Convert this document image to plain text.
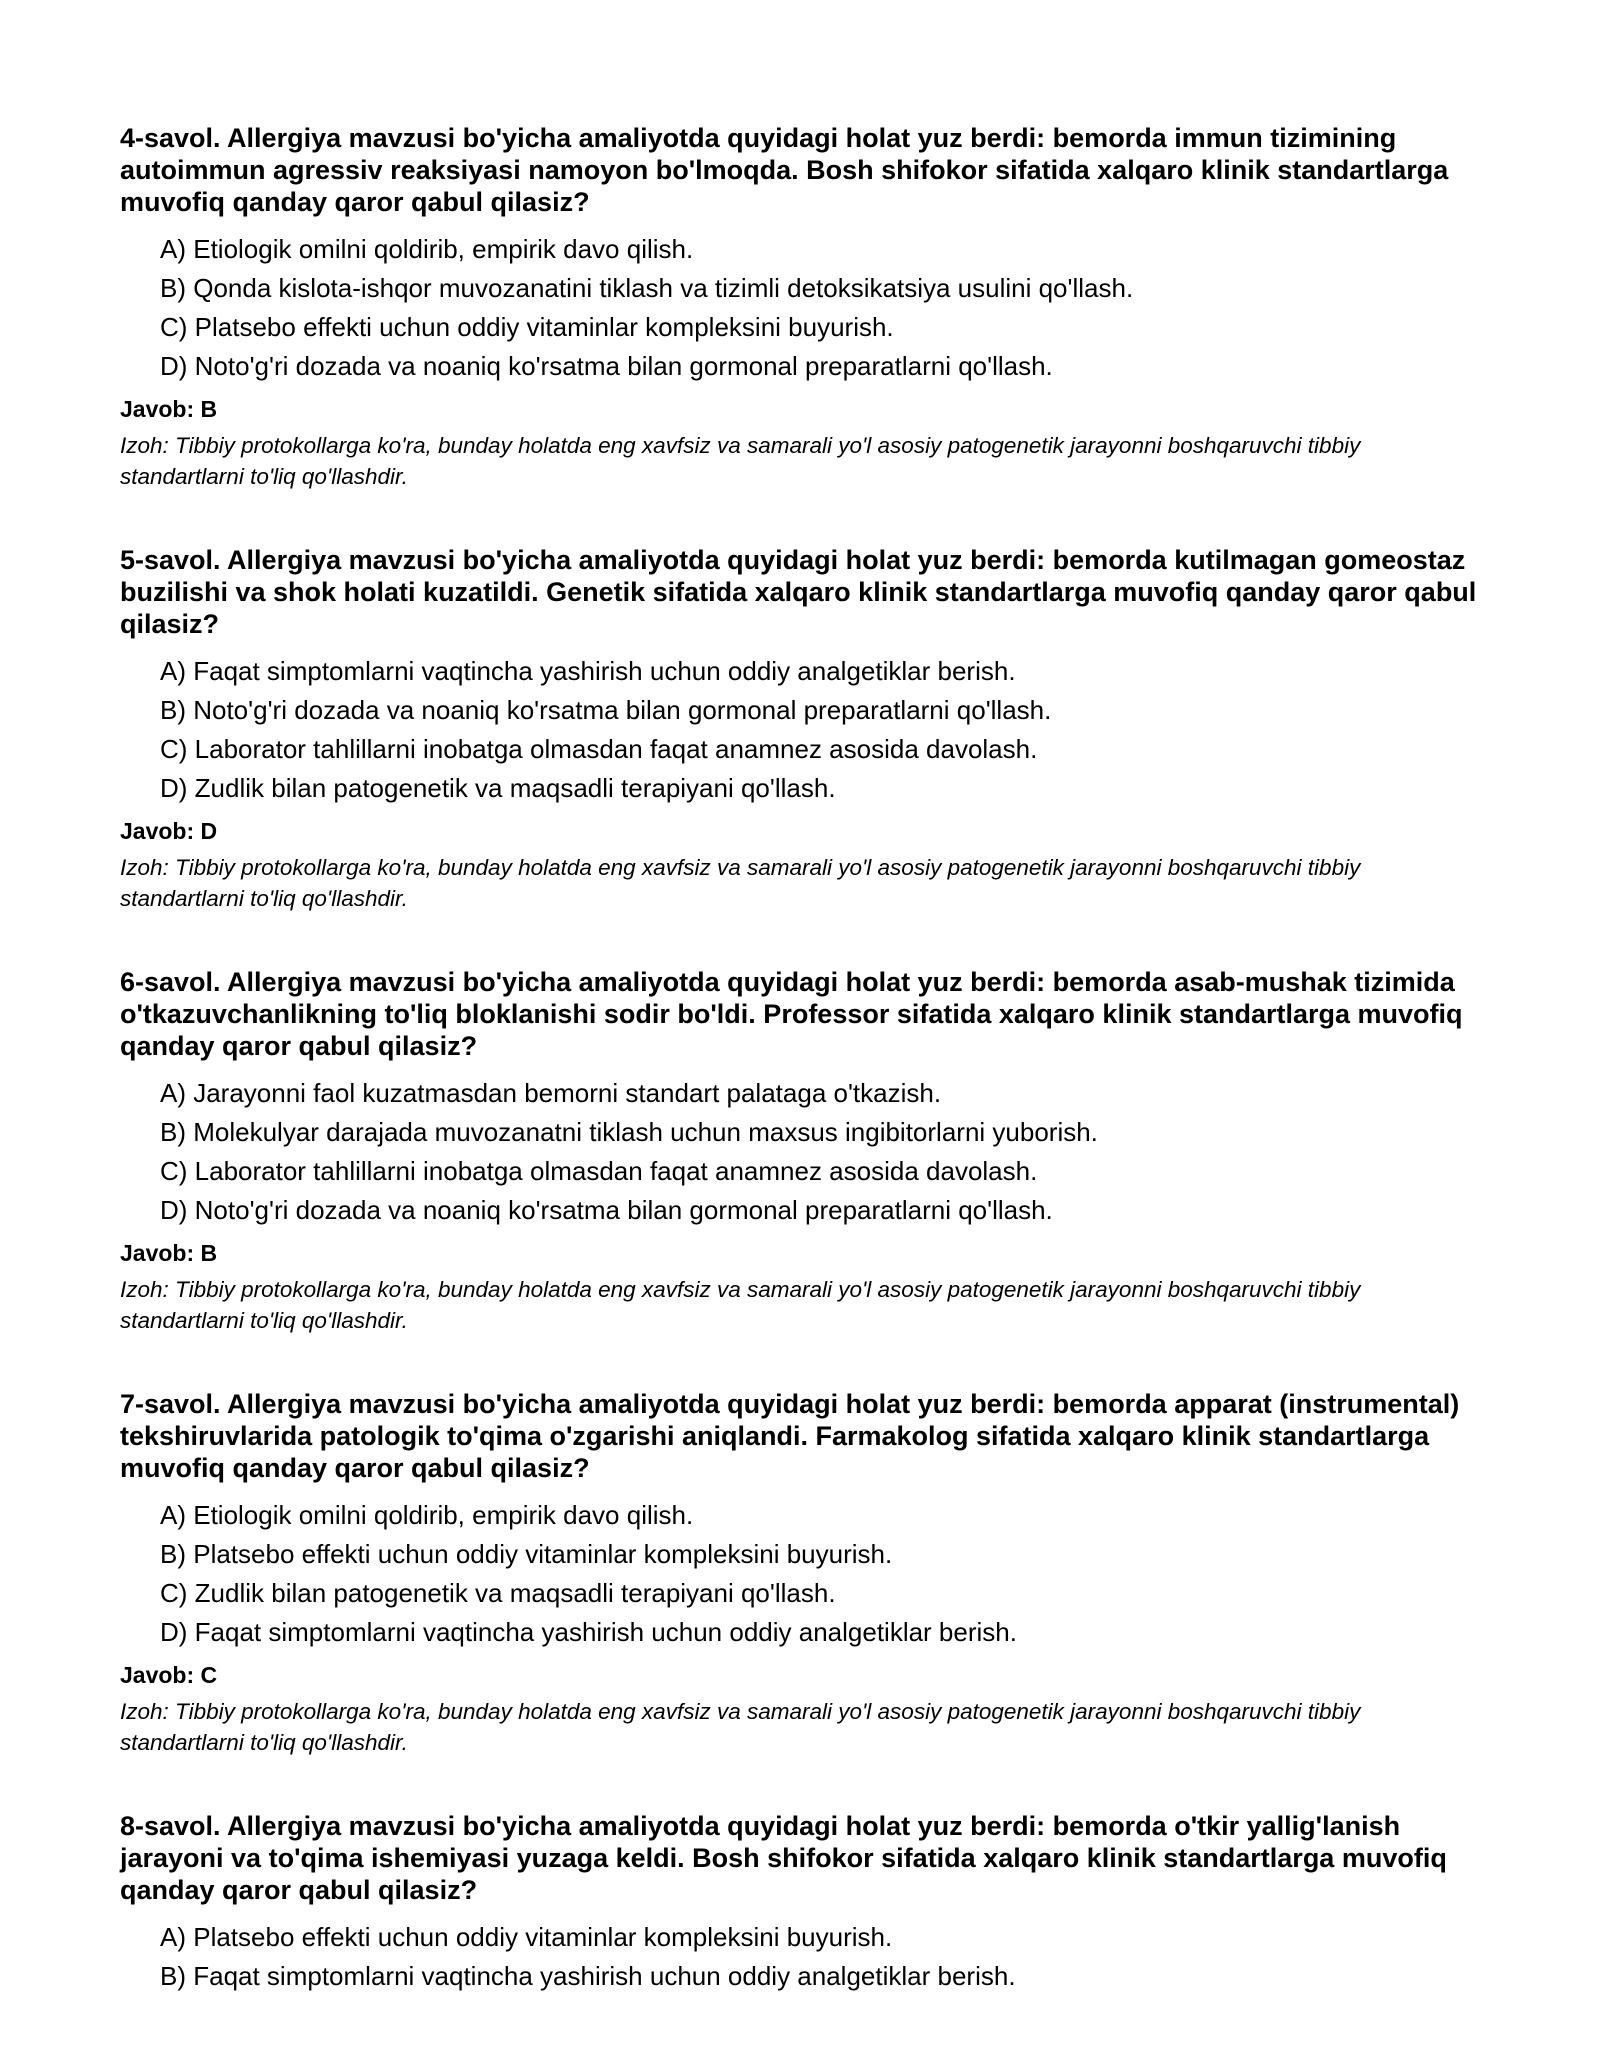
4-savol. Allergiya mavzusi bo'yicha amaliyotda quyidagi holat yuz berdi: bemorda immun tizimining autoimmun agressiv reaksiyasi namoyon bo'lmoqda. Bosh shifokor sifatida xalqaro klinik standartlarga muvofiq qanday qaror qabul qilasiz?
A) Etiologik omilni qoldirib, empirik davo qilish.
B) Qonda kislota-ishqor muvozanatini tiklash va tizimli detoksikatsiya usulini qo'llash.
C) Platsebo effekti uchun oddiy vitaminlar kompleksini buyurish.
D) Noto'g'ri dozada va noaniq ko'rsatma bilan gormonal preparatlarni qo'llash.
Javob: B
Izoh: Tibbiy protokollarga ko'ra, bunday holatda eng xavfsiz va samarali yo'l asosiy patogenetik jarayonni boshqaruvchi tibbiy standartlarni to'liq qo'llashdir.
5-savol. Allergiya mavzusi bo'yicha amaliyotda quyidagi holat yuz berdi: bemorda kutilmagan gomeostaz buzilishi va shok holati kuzatildi. Genetik sifatida xalqaro klinik standartlarga muvofiq qanday qaror qabul qilasiz?
A) Faqat simptomlarni vaqtincha yashirish uchun oddiy analgetiklar berish.
B) Noto'g'ri dozada va noaniq ko'rsatma bilan gormonal preparatlarni qo'llash.
C) Laborator tahlillarni inobatga olmasdan faqat anamnez asosida davolash.
D) Zudlik bilan patogenetik va maqsadli terapiyani qo'llash.
Javob: D
Izoh: Tibbiy protokollarga ko'ra, bunday holatda eng xavfsiz va samarali yo'l asosiy patogenetik jarayonni boshqaruvchi tibbiy standartlarni to'liq qo'llashdir.
6-savol. Allergiya mavzusi bo'yicha amaliyotda quyidagi holat yuz berdi: bemorda asab-mushak tizimida o'tkazuvchanlikning to'liq bloklanishi sodir bo'ldi. Professor sifatida xalqaro klinik standartlarga muvofiq qanday qaror qabul qilasiz?
A) Jarayonni faol kuzatmasdan bemorni standart palataga o'tkazish.
B) Molekulyar darajada muvozanatni tiklash uchun maxsus ingibitorlarni yuborish.
C) Laborator tahlillarni inobatga olmasdan faqat anamnez asosida davolash.
D) Noto'g'ri dozada va noaniq ko'rsatma bilan gormonal preparatlarni qo'llash.
Javob: B
Izoh: Tibbiy protokollarga ko'ra, bunday holatda eng xavfsiz va samarali yo'l asosiy patogenetik jarayonni boshqaruvchi tibbiy standartlarni to'liq qo'llashdir.
7-savol. Allergiya mavzusi bo'yicha amaliyotda quyidagi holat yuz berdi: bemorda apparat (instrumental) tekshiruvlarida patologik to'qima o'zgarishi aniqlandi. Farmakolog sifatida xalqaro klinik standartlarga muvofiq qanday qaror qabul qilasiz?
A) Etiologik omilni qoldirib, empirik davo qilish.
B) Platsebo effekti uchun oddiy vitaminlar kompleksini buyurish.
C) Zudlik bilan patogenetik va maqsadli terapiyani qo'llash.
D) Faqat simptomlarni vaqtincha yashirish uchun oddiy analgetiklar berish.
Javob: C
Izoh: Tibbiy protokollarga ko'ra, bunday holatda eng xavfsiz va samarali yo'l asosiy patogenetik jarayonni boshqaruvchi tibbiy standartlarni to'liq qo'llashdir.
8-savol. Allergiya mavzusi bo'yicha amaliyotda quyidagi holat yuz berdi: bemorda o'tkir yallig'lanish jarayoni va to'qima ishemiyasi yuzaga keldi. Bosh shifokor sifatida xalqaro klinik standartlarga muvofiq qanday qaror qabul qilasiz?
A) Platsebo effekti uchun oddiy vitaminlar kompleksini buyurish.
B) Faqat simptomlarni vaqtincha yashirish uchun oddiy analgetiklar berish.
